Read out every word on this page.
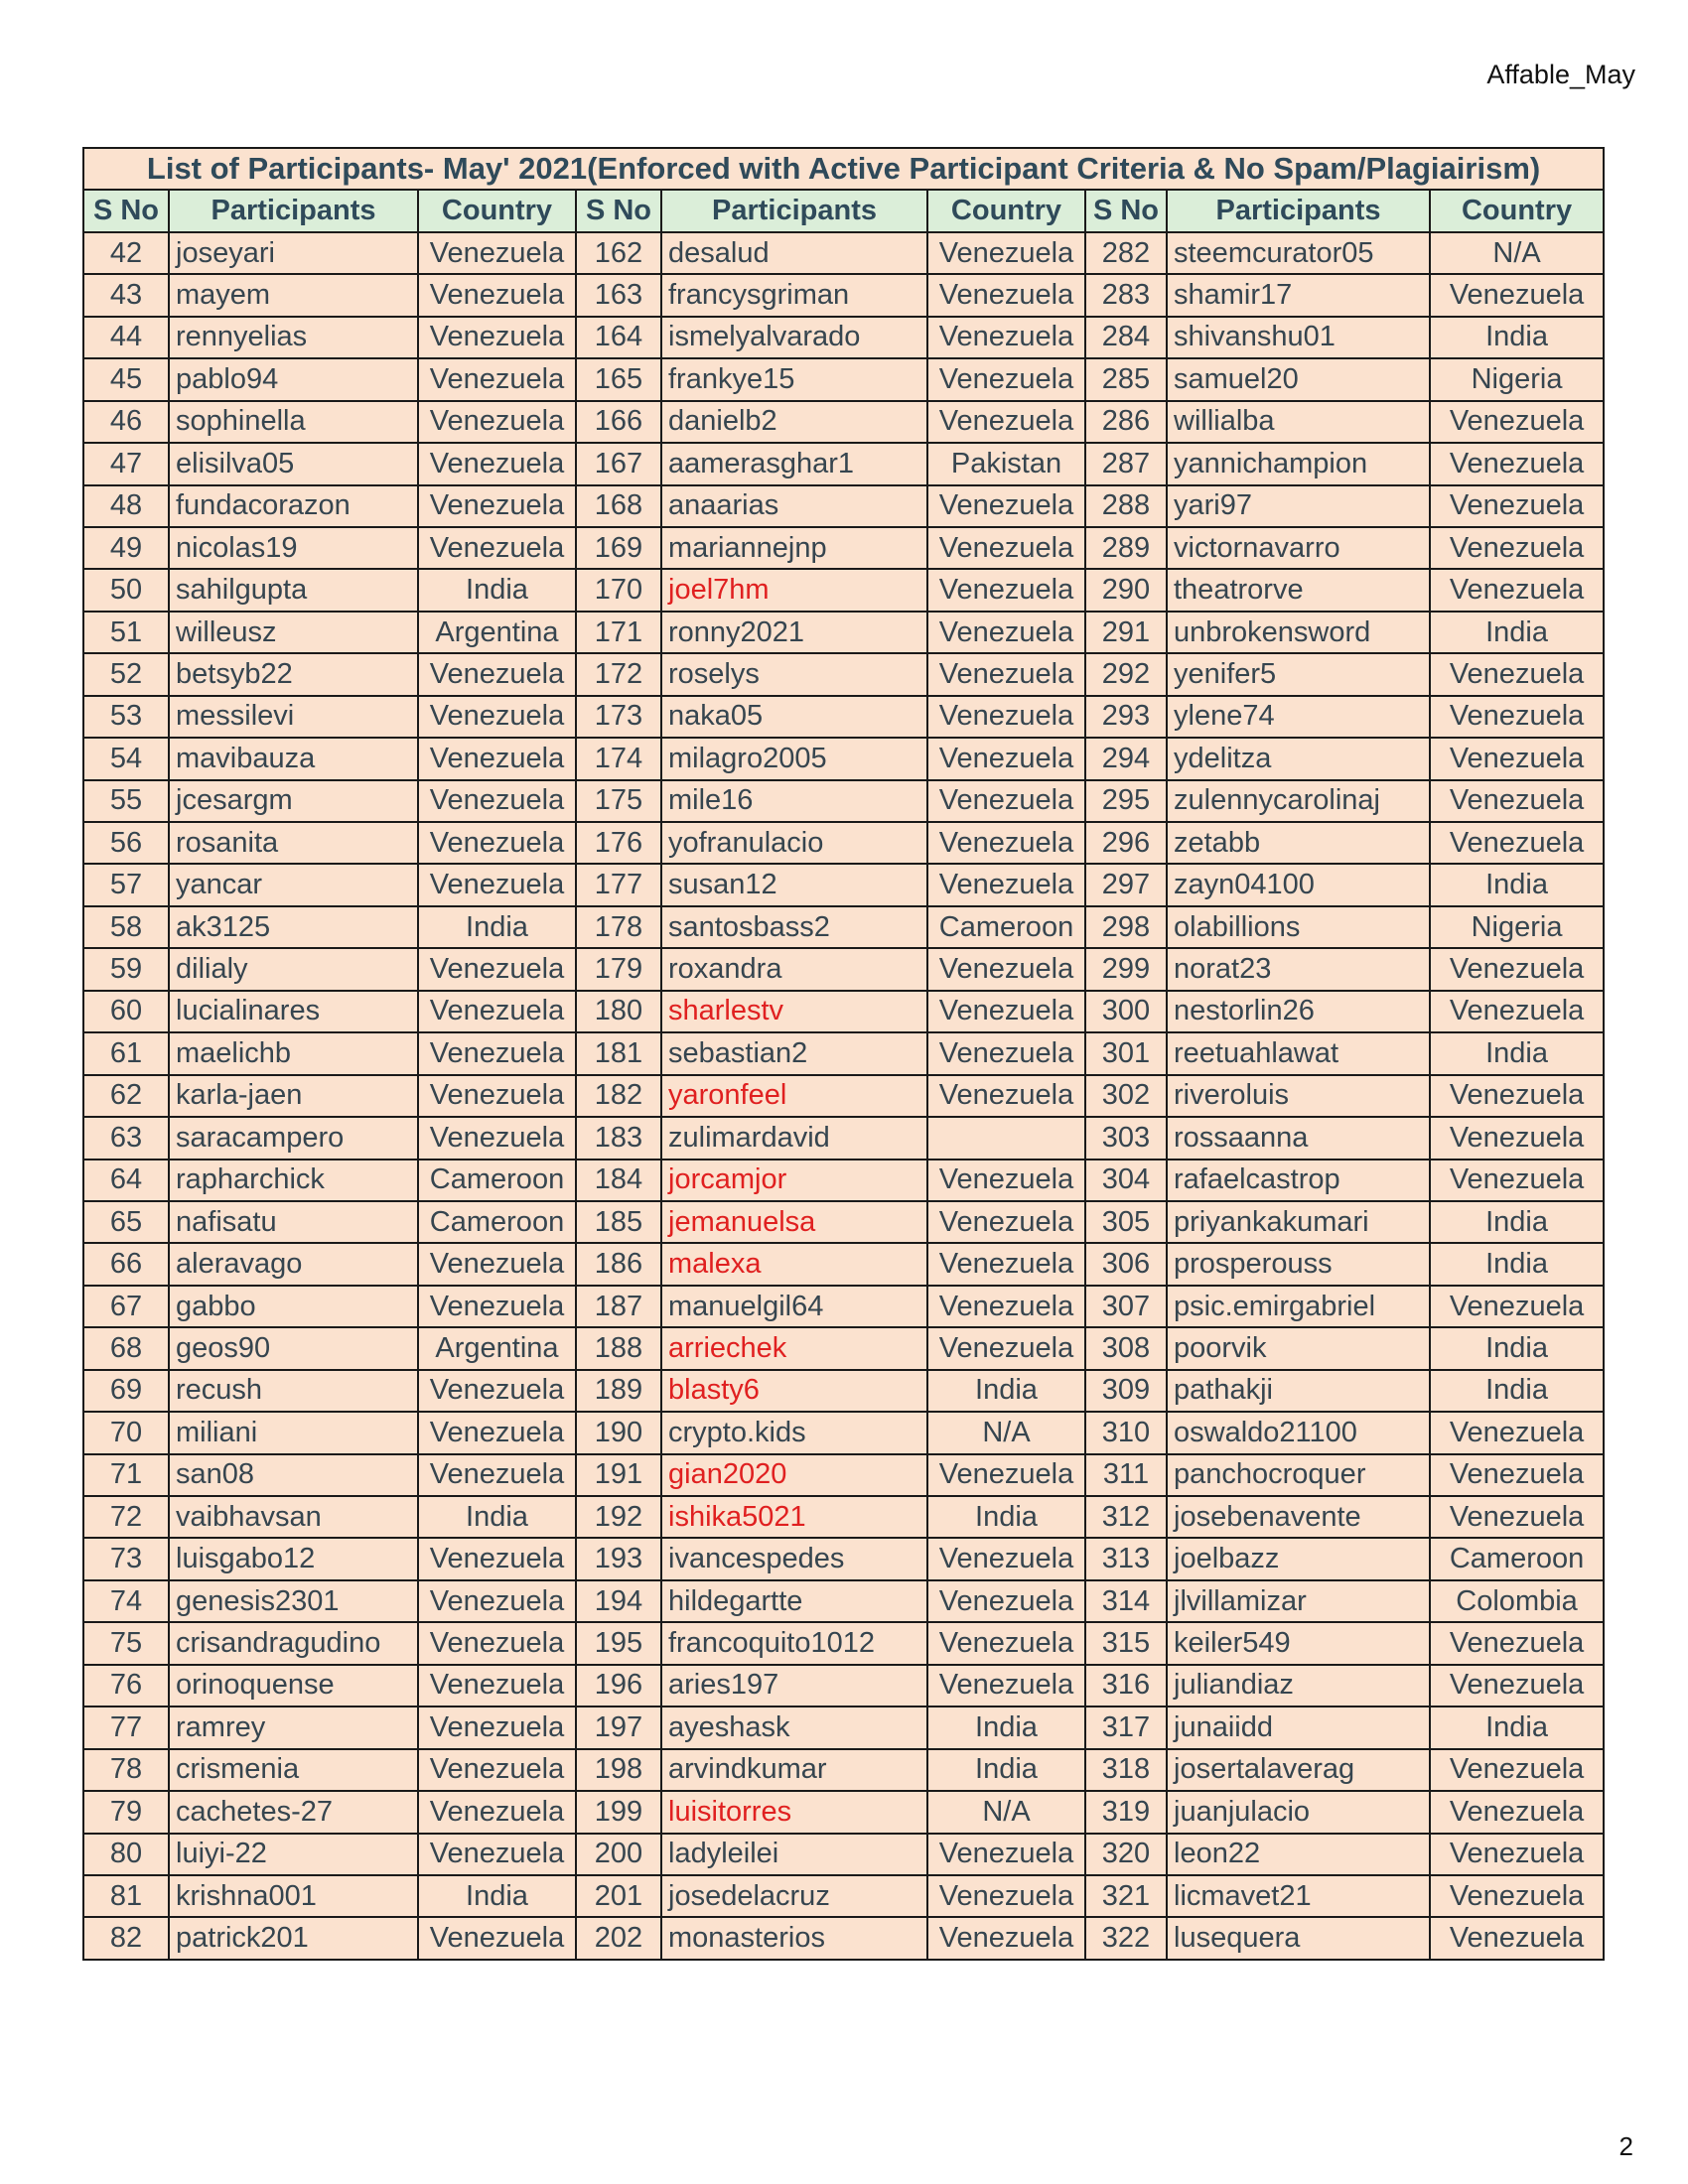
Affable_May
List of Participants- May' 2021(Enforced with Active Participant Criteria & No Spam/Plagiairism)								
S No	Participants	Country	S No	Participants	Country	S No	Participants	Country
42	joseyari	Venezuela	162	desalud	Venezuela	282	steemcurator05	N/A
43	mayem	Venezuela	163	francysgriman	Venezuela	283	shamir17	Venezuela
44	rennyelias	Venezuela	164	ismelyalvarado	Venezuela	284	shivanshu01	India
45	pablo94	Venezuela	165	frankye15	Venezuela	285	samuel20	Nigeria
46	sophinella	Venezuela	166	danielb2	Venezuela	286	willialba	Venezuela
47	elisilva05	Venezuela	167	aamerasghar1	Pakistan	287	yannichampion	Venezuela
48	fundacorazon	Venezuela	168	anaarias	Venezuela	288	yari97	Venezuela
49	nicolas19	Venezuela	169	mariannejnp	Venezuela	289	victornavarro	Venezuela
50	sahilgupta	India	170	joel7hm	Venezuela	290	theatrorve	Venezuela
51	willeusz	Argentina	171	ronny2021	Venezuela	291	unbrokensword	India
52	betsyb22	Venezuela	172	roselys	Venezuela	292	yenifer5	Venezuela
53	messilevi	Venezuela	173	naka05	Venezuela	293	ylene74	Venezuela
54	mavibauza	Venezuela	174	milagro2005	Venezuela	294	ydelitza	Venezuela
55	jcesargm	Venezuela	175	mile16	Venezuela	295	zulennycarolinaj	Venezuela
56	rosanita	Venezuela	176	yofranulacio	Venezuela	296	zetabb	Venezuela
57	yancar	Venezuela	177	susan12	Venezuela	297	zayn04100	India
58	ak3125	India	178	santosbass2	Cameroon	298	olabillions	Nigeria
59	dilialy	Venezuela	179	roxandra	Venezuela	299	norat23	Venezuela
60	lucialinares	Venezuela	180	sharlestv	Venezuela	300	nestorlin26	Venezuela
61	maelichb	Venezuela	181	sebastian2	Venezuela	301	reetuahlawat	India
62	karla-jaen	Venezuela	182	yaronfeel	Venezuela	302	riveroluis	Venezuela
63	saracampero	Venezuela	183	zulimardavid		303	rossaanna	Venezuela
64	rapharchick	Cameroon	184	jorcamjor	Venezuela	304	rafaelcastrop	Venezuela
65	nafisatu	Cameroon	185	jemanuelsa	Venezuela	305	priyankakumari	India
66	aleravago	Venezuela	186	malexa	Venezuela	306	prosperouss	India
67	gabbo	Venezuela	187	manuelgil64	Venezuela	307	psic.emirgabriel	Venezuela
68	geos90	Argentina	188	arriechek	Venezuela	308	poorvik	India
69	recush	Venezuela	189	blasty6	India	309	pathakji	India
70	miliani	Venezuela	190	crypto.kids	N/A	310	oswaldo21100	Venezuela
71	san08	Venezuela	191	gian2020	Venezuela	311	panchocroquer	Venezuela
72	vaibhavsan	India	192	ishika5021	India	312	josebenavente	Venezuela
73	luisgabo12	Venezuela	193	ivancespedes	Venezuela	313	joelbazz	Cameroon
74	genesis2301	Venezuela	194	hildegartte	Venezuela	314	jlvillamizar	Colombia
75	crisandragudino	Venezuela	195	francoquito1012	Venezuela	315	keiler549	Venezuela
76	orinoquense	Venezuela	196	aries197	Venezuela	316	juliandiaz	Venezuela
77	ramrey	Venezuela	197	ayeshask	India	317	junaiidd	India
78	crismenia	Venezuela	198	arvindkumar	India	318	josertalaverag	Venezuela
79	cachetes-27	Venezuela	199	luisitorres	N/A	319	juanjulacio	Venezuela
80	luiyi-22	Venezuela	200	ladyleilei	Venezuela	320	leon22	Venezuela
81	krishna001	India	201	josedelacruz	Venezuela	321	licmavet21	Venezuela
82	patrick201	Venezuela	202	monasterios	Venezuela	322	lusequera	Venezuela
2
